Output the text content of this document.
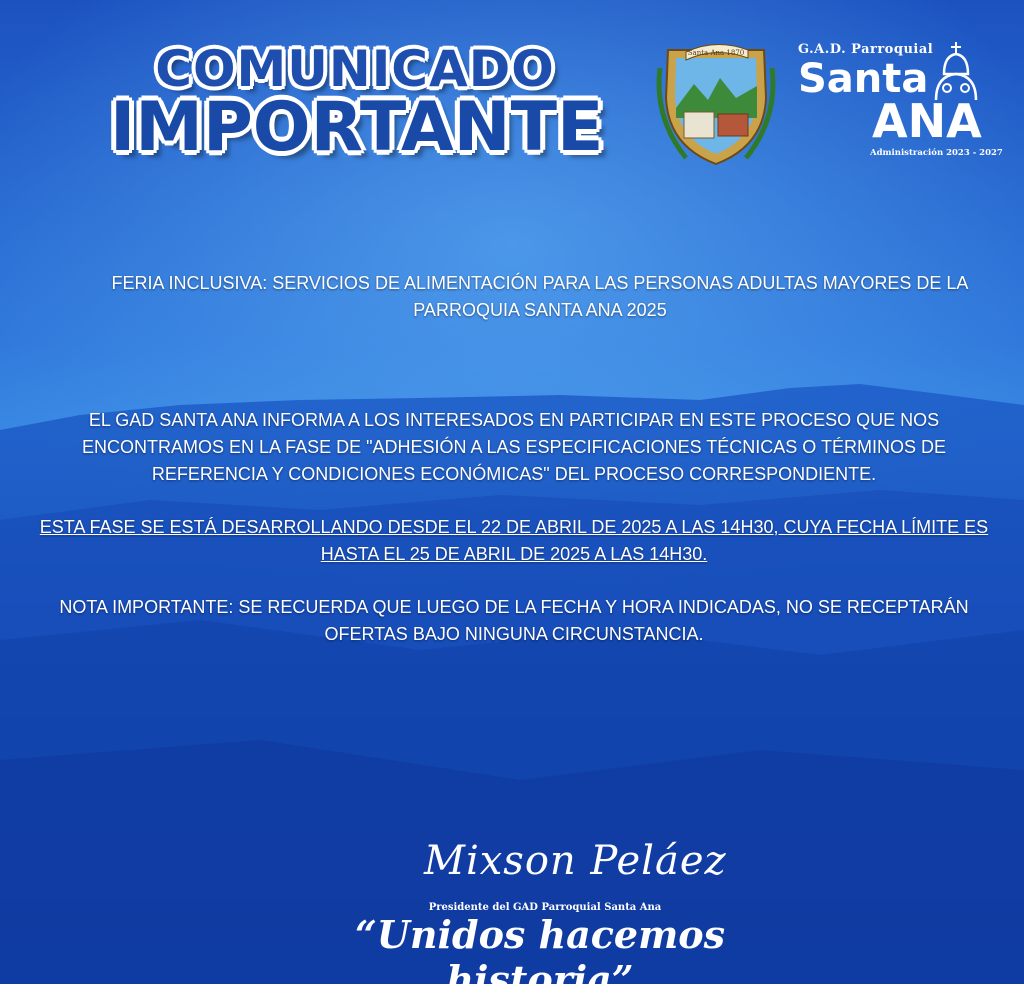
COMUNICADO
IMPORTANTE
Santa Ana 1870	G.A.D. Parroquial
Santa
ANA
Administración 2023 - 2027
FERIA INCLUSIVA: SERVICIOS DE ALIMENTACIÓN PARA LAS PERSONAS ADULTAS MAYORES DE LA PARROQUIA SANTA ANA 2025
EL GAD SANTA ANA INFORMA A LOS INTERESADOS EN PARTICIPAR EN ESTE PROCESO QUE NOS ENCONTRAMOS EN LA FASE DE "ADHESIÓN A LAS ESPECIFICACIONES TÉCNICAS O TÉRMINOS DE REFERENCIA Y CONDICIONES ECONÓMICAS" DEL PROCESO CORRESPONDIENTE.
ESTA FASE SE ESTÁ DESARROLLANDO DESDE EL 22 DE ABRIL DE 2025 A LAS 14H30, CUYA FECHA LÍMITE ES HASTA EL 25 DE ABRIL DE 2025 A LAS 14H30.
NOTA IMPORTANTE: SE RECUERDA QUE LUEGO DE LA FECHA Y HORA INDICADAS, NO SE RECEPTARÁN OFERTAS BAJO NINGUNA CIRCUNSTANCIA.
Mixson Peláez
Presidente del GAD Parroquial Santa Ana
“Unidos hacemos historia”
